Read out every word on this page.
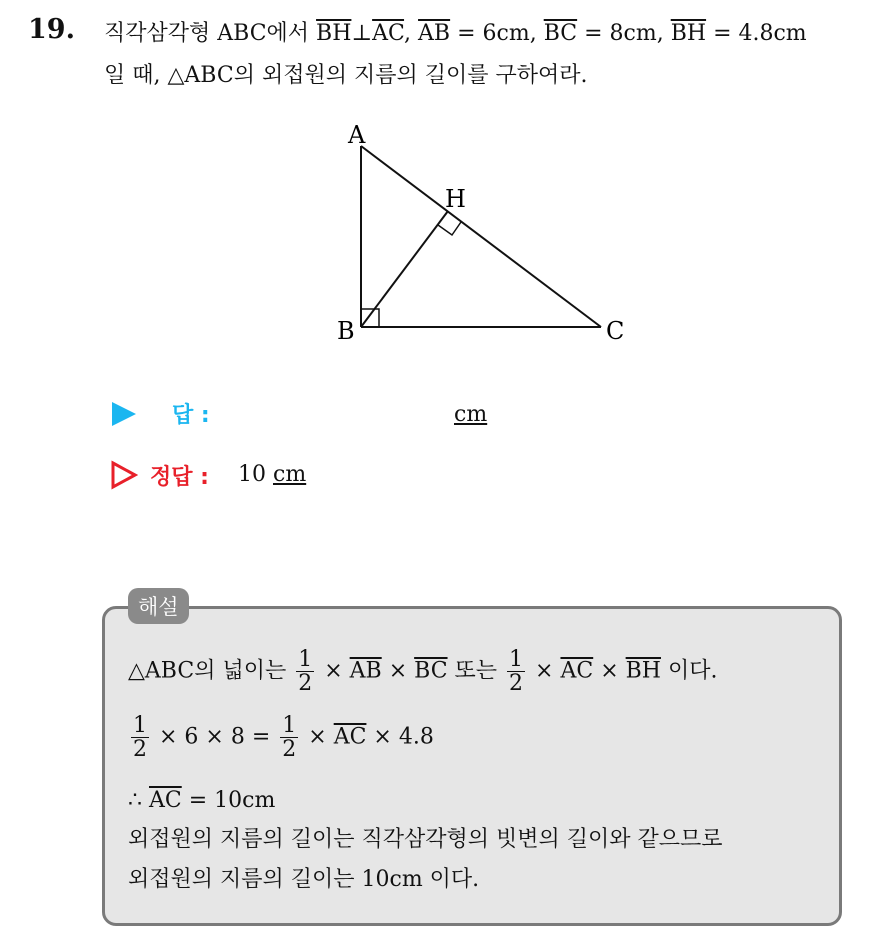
19. 직각삼각형 ABC에서 $\overline{BH}\perp\overline{AC}$, $\overline{AB} = 6cm$, $\overline{BC} = 8cm$, $\overline{BH} = 4.8cm$
일 때, △ABC의 외접원의 지름의 길이를 구하여라.
A
H
B	C
답 :	cm
정답 : 10 cm
해설
△ABC의 넓이는 $\frac{1}{2} \times \overline{AB} \times \overline{BC}$ 또는 $\frac{1}{2} \times \overline{AC} \times \overline{BH}$ 이다.
$\frac{1}{2} \times 6 \times 8 = \frac{1}{2} \times \overline{AC} \times 4.8$
∴ $\overline{AC} = 10cm$
외접원의 지름의 길이는 직각삼각형의 빗변의 길이와 같으므로
외접원의 지름의 길이는 10cm 이다.
